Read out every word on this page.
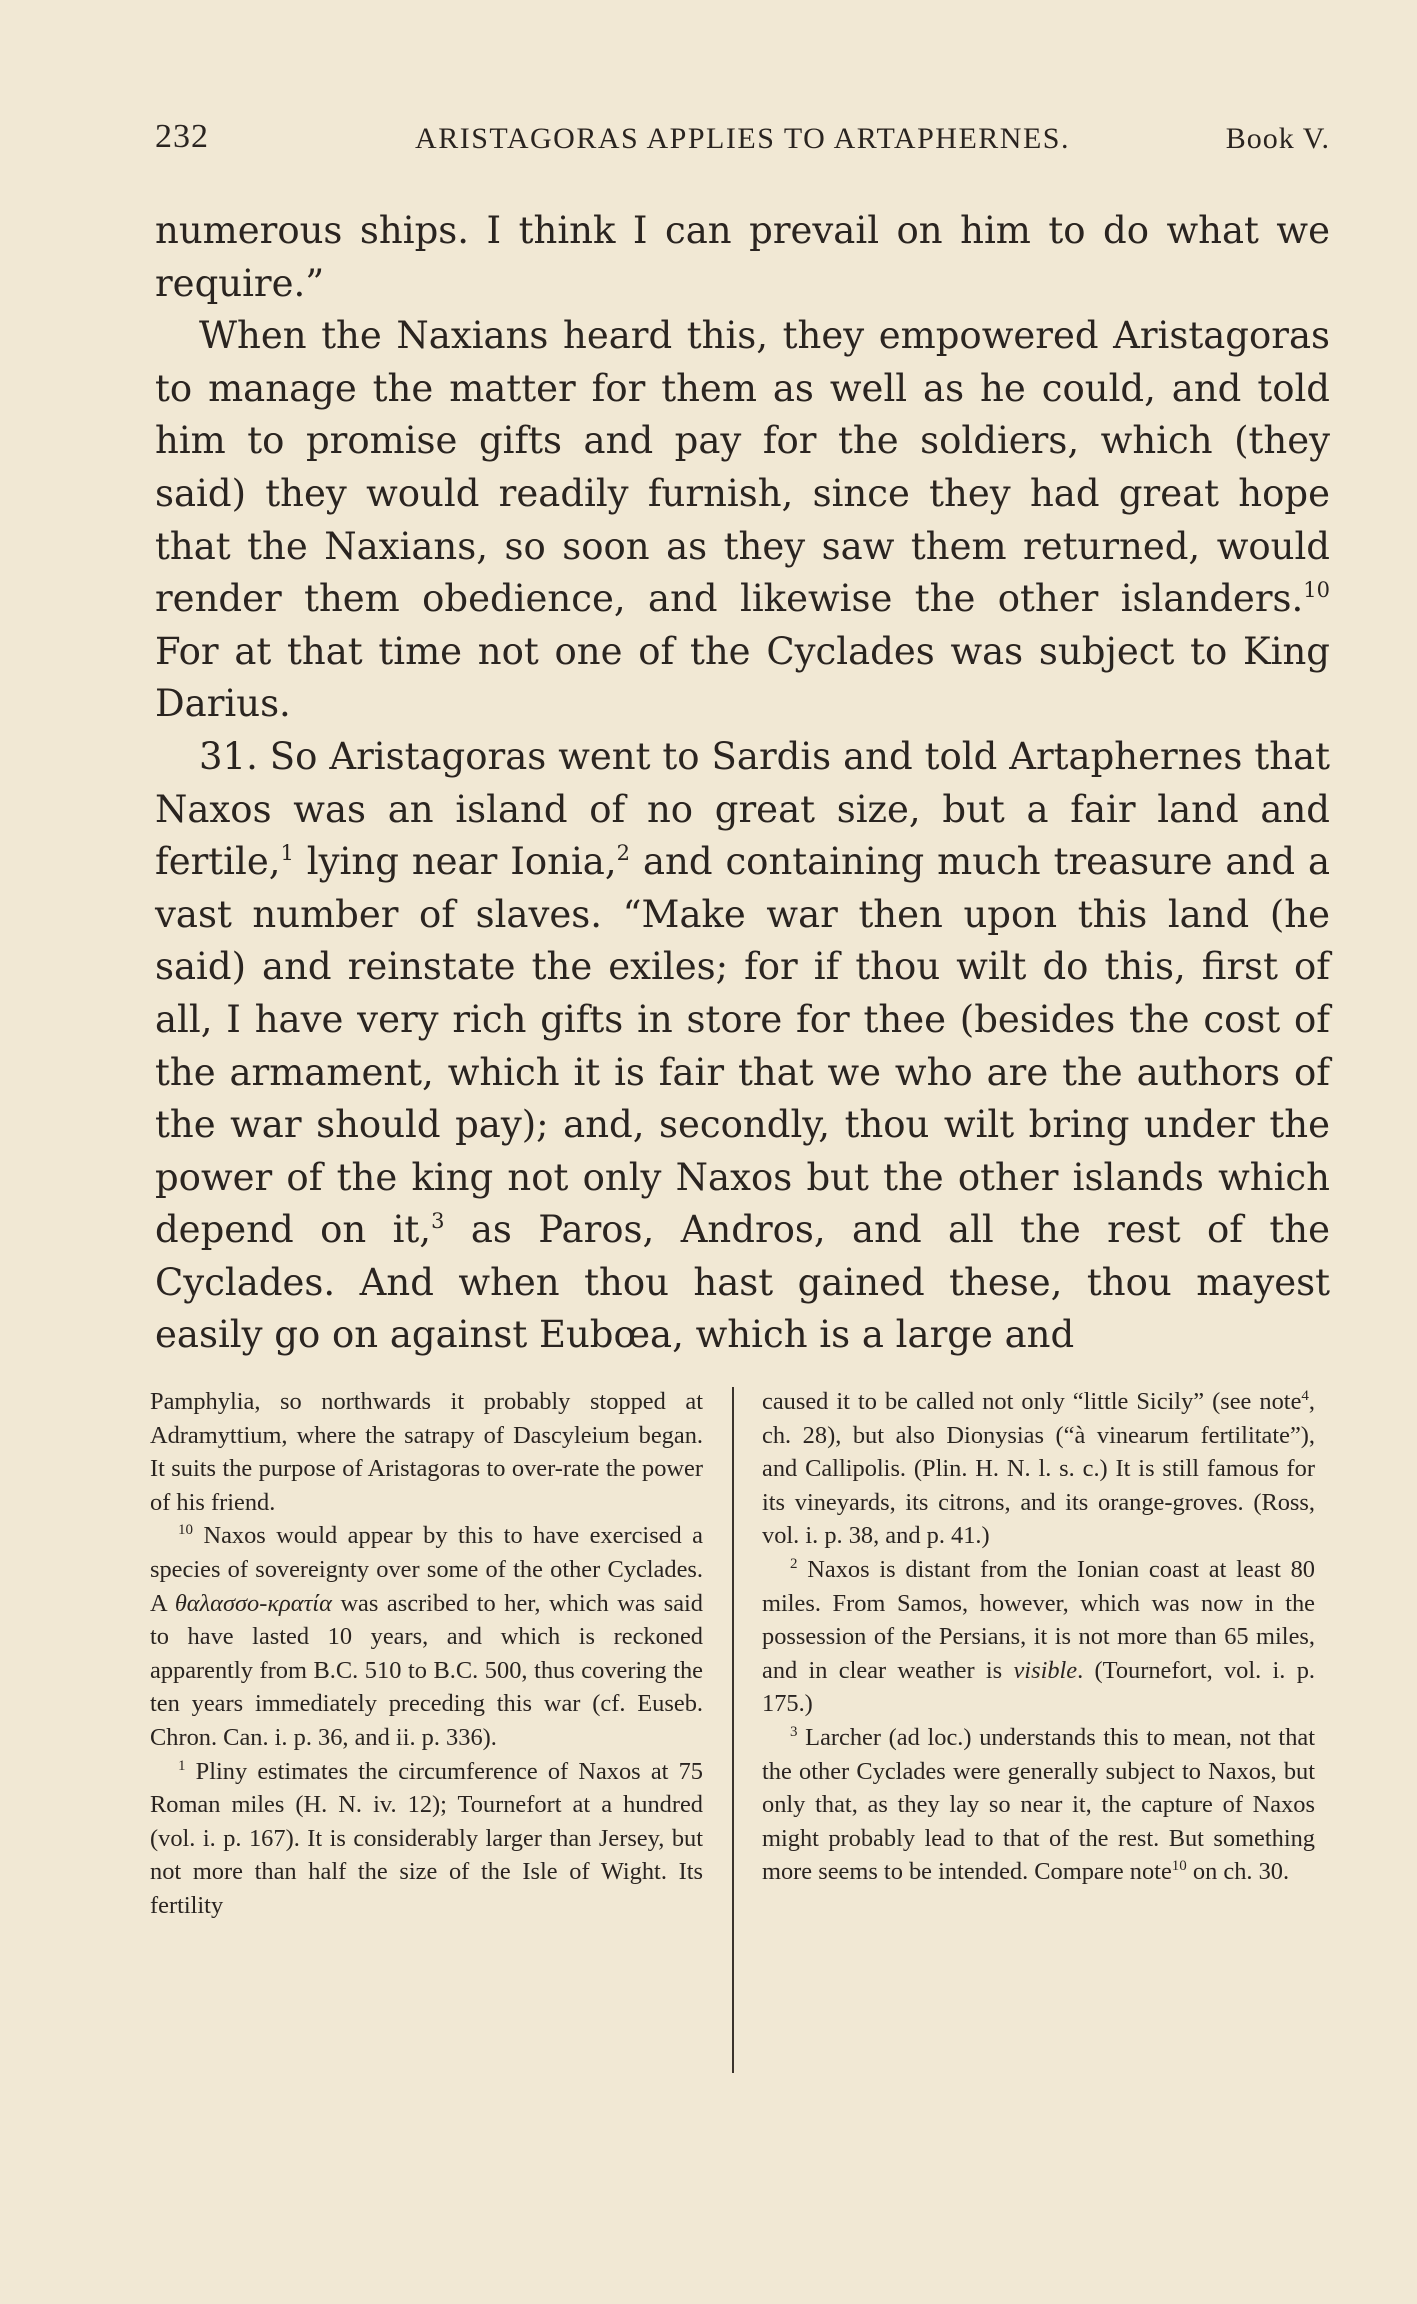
232	ARISTAGORAS APPLIES TO ARTAPHERNES.	Book V.

numerous ships. I think I can prevail on him to do what we require.”

When the Naxians heard this, they empowered Aristagoras to manage the matter for them as well as he could, and told him to promise gifts and pay for the soldiers, which (they said) they would readily furnish, since they had great hope that the Naxians, so soon as they saw them returned, would render them obedience, and likewise the other islanders.$^{10}$ For at that time not one of the Cyclades was subject to King Darius.

31. So Aristagoras went to Sardis and told Artaphernes that Naxos was an island of no great size, but a fair land and fertile,$^1$ lying near Ionia,$^2$ and containing much treasure and a vast number of slaves. “Make war then upon this land (he said) and reinstate the exiles; for if thou wilt do this, first of all, I have very rich gifts in store for thee (besides the cost of the armament, which it is fair that we who are the authors of the war should pay); and, secondly, thou wilt bring under the power of the king not only Naxos but the other islands which depend on it,$^3$ as Paros, Andros, and all the rest of the Cyclades. And when thou hast gained these, thou mayest easily go on against Eubœa, which is a large and

Pamphylia, so northwards it probably stopped at Adramyttium, where the satrapy of Dascyleium began. It suits the purpose of Aristagoras to over-rate the power of his friend.

$^{10}$ Naxos would appear by this to have exercised a species of sovereignty over some of the other Cyclades. A θαλασσο-κρατία was ascribed to her, which was said to have lasted 10 years, and which is reckoned apparently from B.C. 510 to B.C. 500, thus covering the ten years immediately preceding this war (cf. Euseb. Chron. Can. i. p. 36, and ii. p. 336).

$^1$ Pliny estimates the circumference of Naxos at 75 Roman miles (H. N. iv. 12); Tournefort at a hundred (vol. i. p. 167). It is considerably larger than Jersey, but not more than half the size of the Isle of Wight. Its fertility

caused it to be called not only “little Sicily” (see note$^4$, ch. 28), but also Dionysias (“à vinearum fertilitate”), and Callipolis. (Plin. H. N. l. s. c.) It is still famous for its vineyards, its citrons, and its orange-groves. (Ross, vol. i. p. 38, and p. 41.)

$^2$ Naxos is distant from the Ionian coast at least 80 miles. From Samos, however, which was now in the possession of the Persians, it is not more than 65 miles, and in clear weather is visible. (Tournefort, vol. i. p. 175.)

$^3$ Larcher (ad loc.) understands this to mean, not that the other Cyclades were generally subject to Naxos, but only that, as they lay so near it, the capture of Naxos might probably lead to that of the rest. But something more seems to be intended. Compare note$^{10}$ on ch. 30.
